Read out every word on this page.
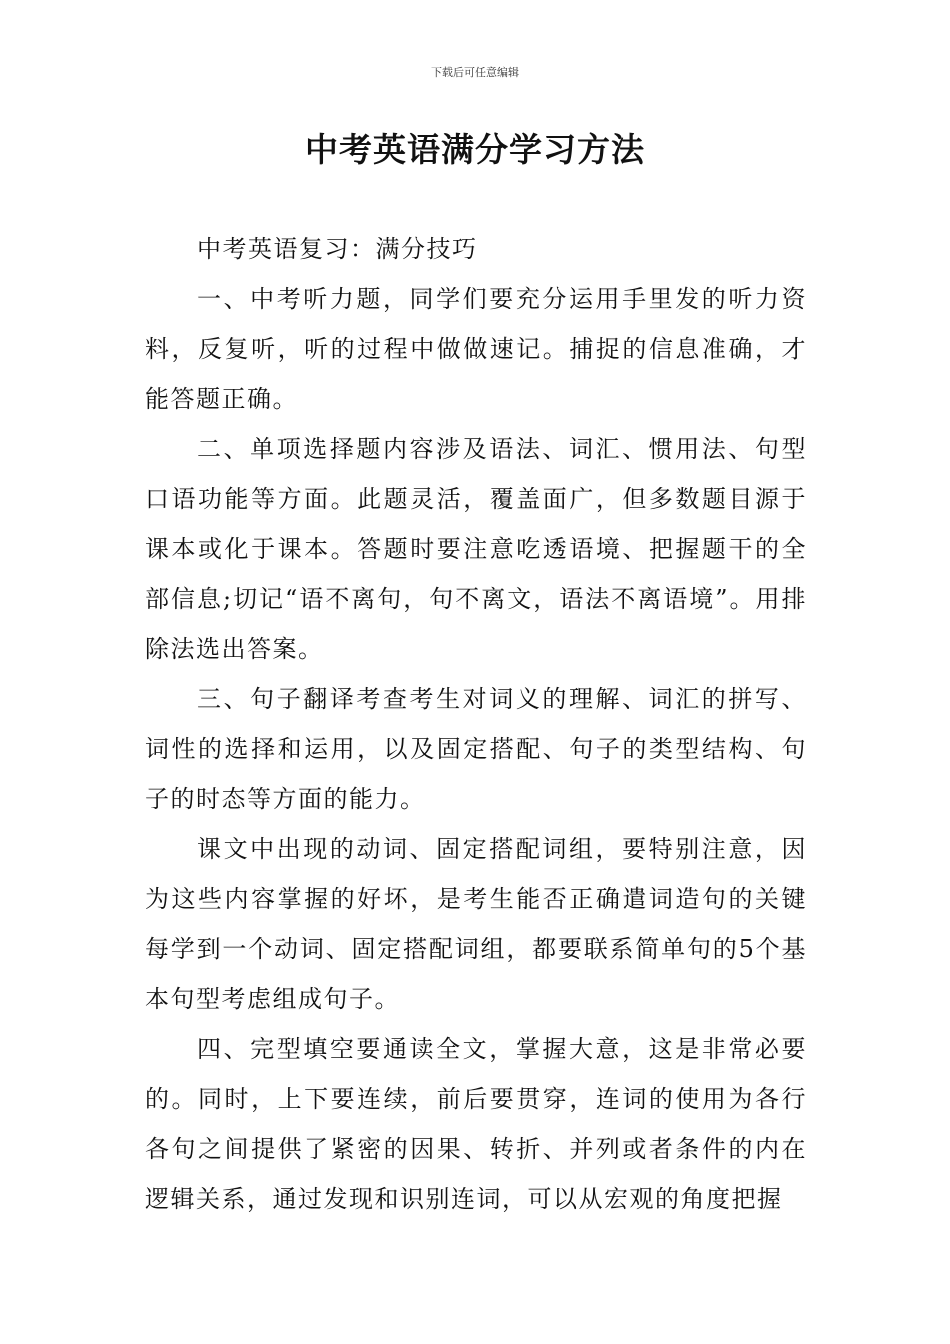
下载后可任意编辑
中考英语满分学习方法

中考英语复习：满分技巧

一、中考听力题，同学们要充分运用手里发的听力资料，反复听，听的过程中做做速记。捕捉的信息准确，才能答题正确。

二、单项选择题内容涉及语法、词汇、惯用法、句型口语功能等方面。此题灵活，覆盖面广，但多数题目源于课本或化于课本。答题时要注意吃透语境、把握题干的全部信息;切记“语不离句，句不离文，语法不离语境”。用排除法选出答案。

三、句子翻译考查考生对词义的理解、词汇的拼写、词性的选择和运用，以及固定搭配、句子的类型结构、句子的时态等方面的能力。

课文中出现的动词、固定搭配词组，要特别注意，因为这些内容掌握的好坏，是考生能否正确遣词造句的关键每学到一个动词、固定搭配词组，都要联系简单句的5个基本句型考虑组成句子。

四、完型填空要通读全文，掌握大意，这是非常必要的。同时，上下要连续，前后要贯穿，连词的使用为各行各句之间提供了紧密的因果、转折、并列或者条件的内在逻辑关系，通过发现和识别连词，可以从宏观的角度把握
